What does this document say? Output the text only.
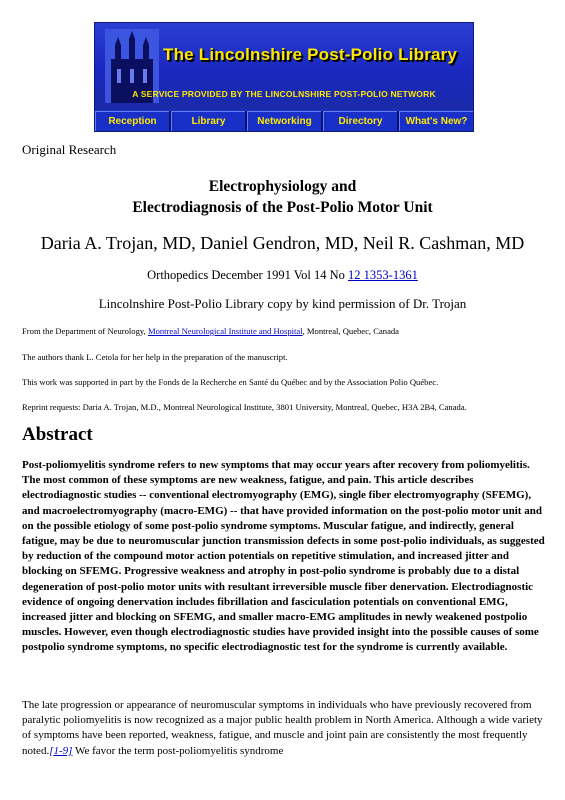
The Lincolnshire Post-Polio Library
A SERVICE PROVIDED BY THE LINCOLNSHIRE POST-POLIO NETWORK
Reception	Library	Networking	Directory	What's New?
Original Research
Electrophysiology and
Electrodiagnosis of the Post-Polio Motor Unit
Daria A. Trojan, MD, Daniel Gendron, MD, Neil R. Cashman, MD
Orthopedics December 1991 Vol 14 No 12 1353-1361
Lincolnshire Post-Polio Library copy by kind permission of Dr. Trojan
From the Department of Neurology, Montreal Neurological Institute and Hospital, Montreal, Quebec, Canada
The authors thank L. Cetola for her help in the preparation of the manuscript.
This work was supported in part by the Fonds de la Recherche en Santé du Québec and by the Association Polio Québec.
Reprint requests: Daria A. Trojan, M.D., Montreal Neurological Institute, 3801 University, Montreal, Quebec, H3A 2B4, Canada.
Abstract
Post-poliomyelitis syndrome refers to new symptoms that may occur years after recovery from poliomyelitis. The most common of these symptoms are new weakness, fatigue, and pain. This article describes electrodiagnostic studies -- conventional electromyography (EMG), single fiber electromyography (SFEMG), and macroelectromyography (macro-EMG) -- that have provided information on the post-polio motor unit and on the possible etiology of some post-polio syndrome symptoms. Muscular fatigue, and indirectly, general fatigue, may be due to neuromuscular junction transmission defects in some post-polio individuals, as suggested by reduction of the compound motor action potentials on repetitive stimulation, and increased jitter and blocking on SFEMG. Progressive weakness and atrophy in post-polio syndrome is probably due to a distal degeneration of post-polio motor units with resultant irreversible muscle fiber denervation. Electrodiagnostic evidence of ongoing denervation includes fibrillation and fasciculation potentials on conventional EMG, increased jitter and blocking on SFEMG, and smaller macro-EMG amplitudes in newly weakened postpolio muscles. However, even though electrodiagnostic studies have provided insight into the possible causes of some postpolio syndrome symptoms, no specific electrodiagnostic test for the syndrome is currently available.
The late progression or appearance of neuromuscular symptoms in individuals who have previously recovered from paralytic poliomyelitis is now recognized as a major public health problem in North America. Although a wide variety of symptoms have been reported, weakness, fatigue, and muscle and joint pain are consistently the most frequently noted.[1-9] We favor the term post-poliomyelitis syndrome
